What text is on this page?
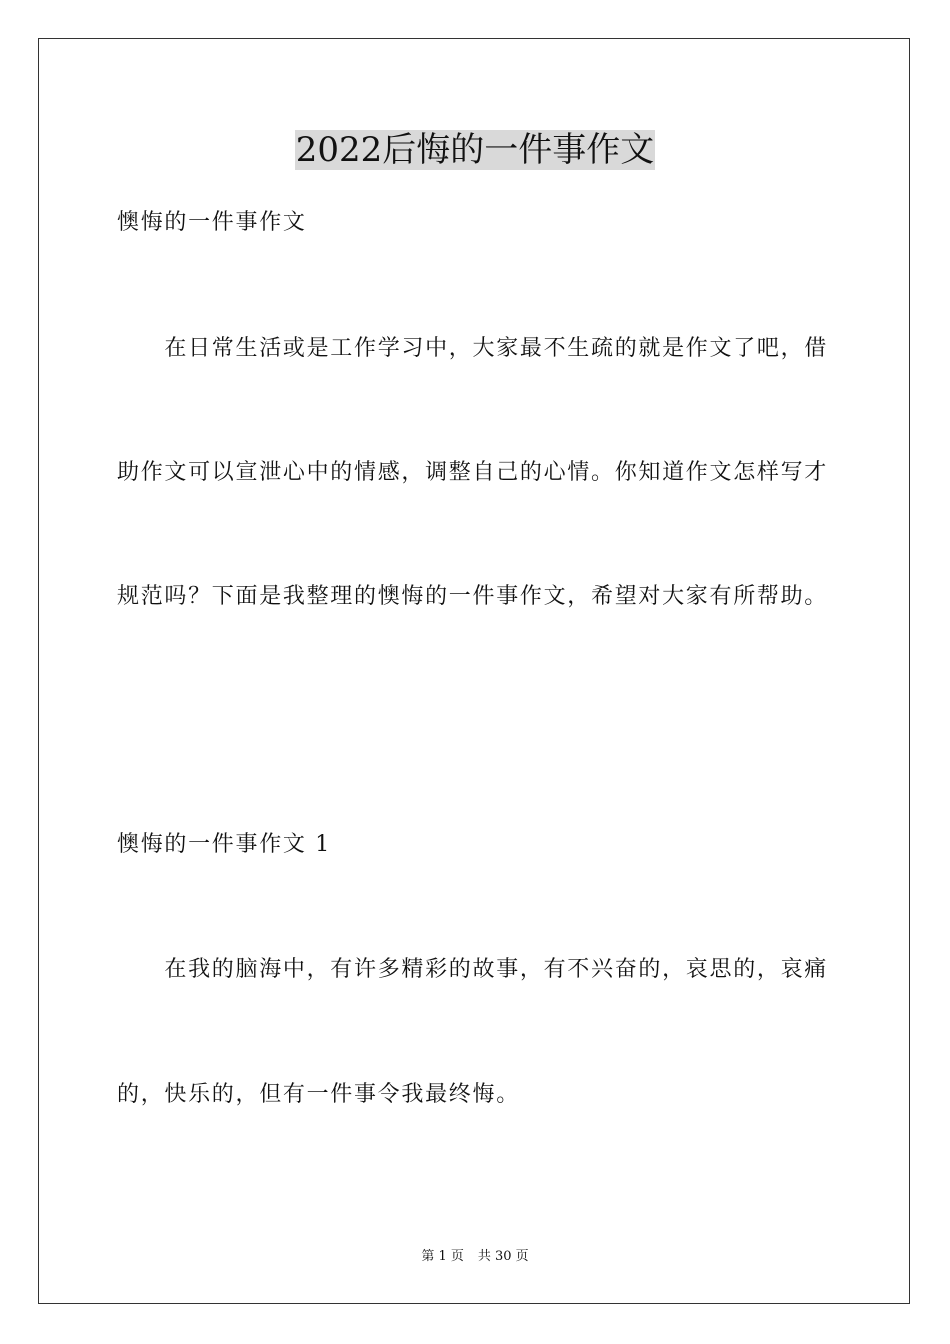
2022后悔的一件事作文
懊悔的一件事作文
　　在日常生活或是工作学习中，大家最不生疏的就是作文了吧，借
助作文可以宣泄心中的情感，调整自己的心情。你知道作文怎样写才
规范吗？下面是我整理的懊悔的一件事作文，希望对大家有所帮助。
懊悔的一件事作文 1
　　在我的脑海中，有许多精彩的故事，有不兴奋的，哀思的，哀痛
的，快乐的，但有一件事令我最终悔。
第 1 页 共 30 页
